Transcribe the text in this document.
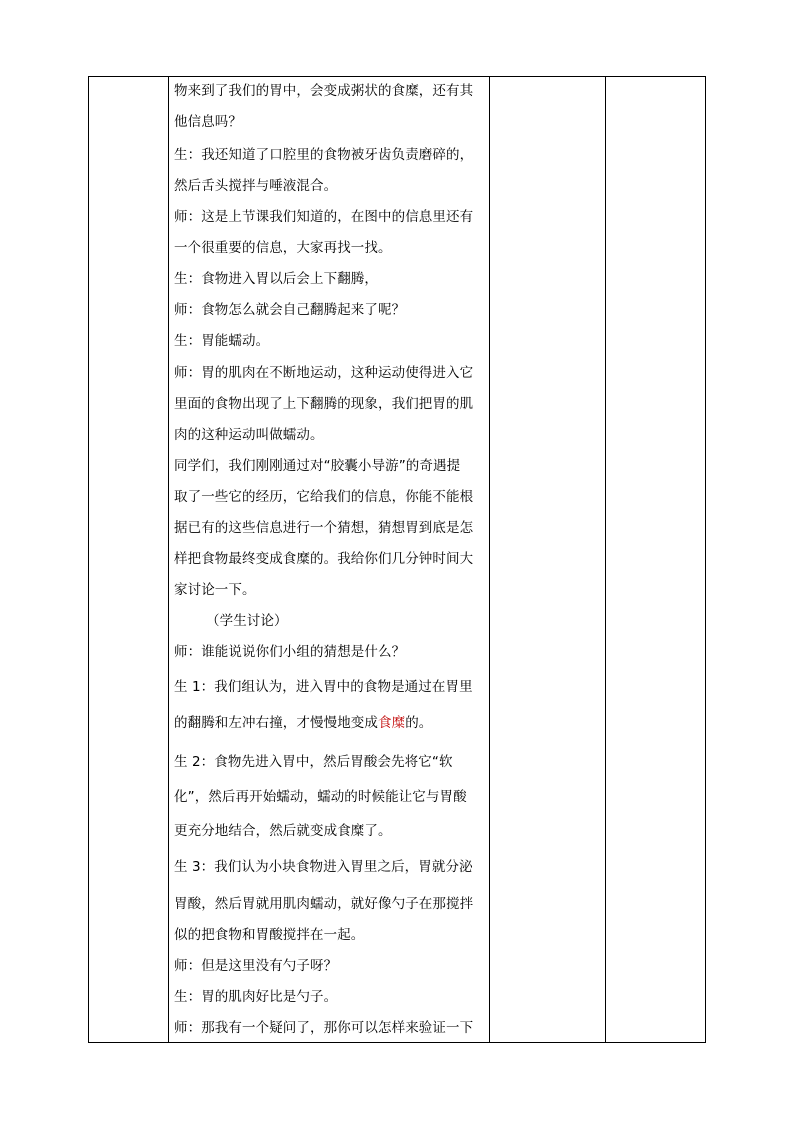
物来到了我们的胃中，会变成粥状的食糜，还有其
他信息吗？
生：我还知道了口腔里的食物被牙齿负责磨碎的，
然后舌头搅拌与唾液混合。
师：这是上节课我们知道的，在图中的信息里还有
一个很重要的信息，大家再找一找。
生：食物进入胃以后会上下翻腾，
师：食物怎么就会自己翻腾起来了呢？
生：胃能蠕动。
师：胃的肌肉在不断地运动，这种运动使得进入它
里面的食物出现了上下翻腾的现象，我们把胃的肌
肉的这种运动叫做蠕动。
同学们，我们刚刚通过对“胶囊小导游”的奇遇提
取了一些它的经历，它给我们的信息，你能不能根
据已有的这些信息进行一个猜想，猜想胃到底是怎
样把食物最终变成食糜的。我给你们几分钟时间大
家讨论一下。
（学生讨论）
师：谁能说说你们小组的猜想是什么？
生 1：我们组认为，进入胃中的食物是通过在胃里
的翻腾和左冲右撞，才慢慢地变成食糜的。
生 2：食物先进入胃中，然后胃酸会先将它“软
化”，然后再开始蠕动，蠕动的时候能让它与胃酸
更充分地结合，然后就变成食糜了。
生 3：我们认为小块食物进入胃里之后，胃就分泌
胃酸，然后胃就用肌肉蠕动，就好像勺子在那搅拌
似的把食物和胃酸搅拌在一起。
师：但是这里没有勺子呀？
生：胃的肌肉好比是勺子。
师：那我有一个疑问了，那你可以怎样来验证一下
